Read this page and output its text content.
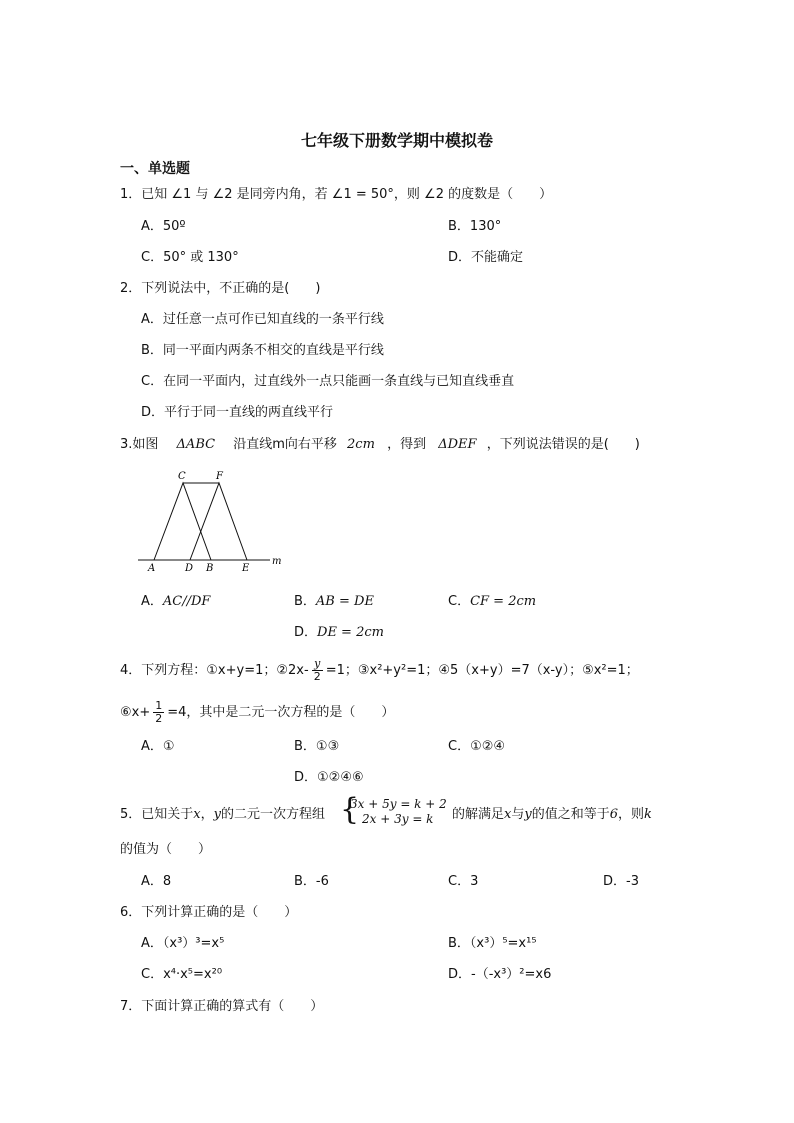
七年级下册数学期中模拟卷
一、单选题
1．已知 ∠1 与 ∠2 是同旁内角，若 ∠1 = 50°，则 ∠2 的度数是（　　）
A．50º	B．130°
C．50° 或 130°	D．不能确定
2．下列说法中，不正确的是(　　)
A．过任意一点可作已知直线的一条平行线
B．同一平面内两条不相交的直线是平行线
C．在同一平面内，过直线外一点只能画一条直线与已知直线垂直
D．平行于同一直线的两直线平行
3.如图 ΔABC 沿直线m向右平移 2cm ，得到 ΔDEF ，下列说法错误的是(　　)
C	F
A	D B	E
m
A．AC//DF	B．AB = DE	C．CF = 2cm
D．DE = 2cm
4．下列方程：①x+y=1；②2x- $\frac{y}{2} =1$；③x²+y²=1；④5（x+y）=7（x-y）；⑤x²=1；
⑥x+ $\frac{1}{2} =4$，其中是二元一次方程的是（　　）
A．①	B．①③	C．①②④
D．①②④⑥
5．已知关于x，y的二元一次方程组 {
3x + 5y = k + 2
2x + 3y = k 的解满足x与y的值之和等于6，则k
的值为（　　）
A．8	B．-6	C．3	D．-3
6．下列计算正确的是（　　）
A．（x³）³=x⁵	B．（x³）⁵=x¹⁵
C．x⁴·x⁵=x²⁰	D．-（-x³）²=x6
7．下面计算正确的算式有（　　）
